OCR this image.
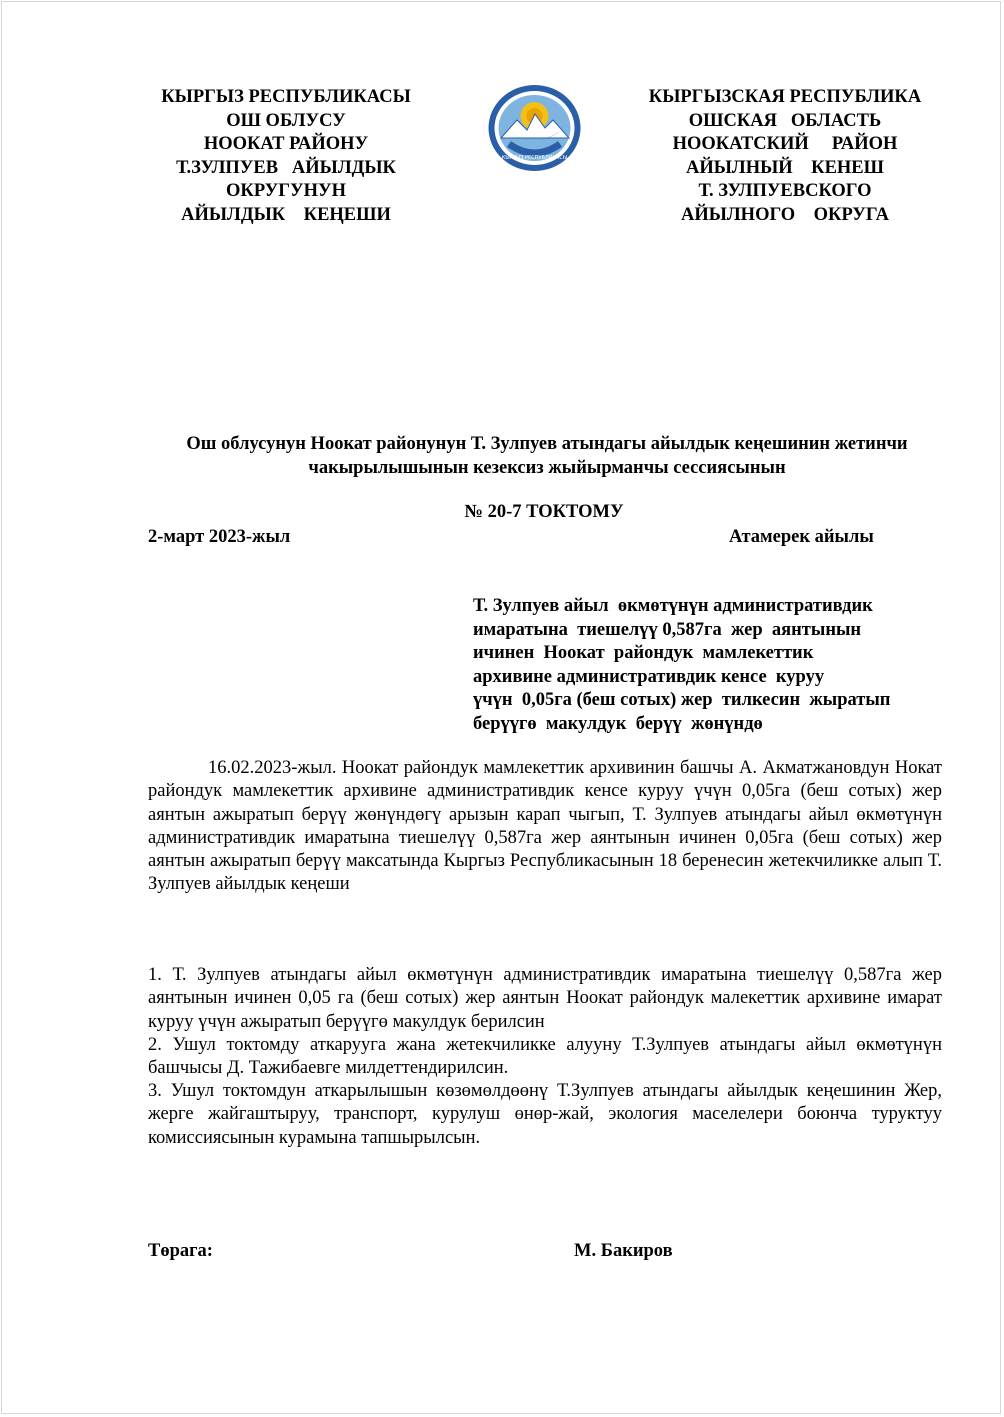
КЫРГЫЗ РЕСПУБЛИКАСЫ
ОШ ОБЛУСУ
НООКАТ РАЙОНУ
Т.ЗУЛПУЕВ   АЙЫЛДЫК
ОКРУГУНУН
АЙЫЛДЫК    КЕҢЕШИ
КЫРГЫЗ РЕСПУБЛИКАСЫ
КЫРГЫЗСКАЯ РЕСПУБЛИКА
ОШСКАЯ   ОБЛАСТЬ
НООКАТСКИЙ     РАЙОН
АЙЫЛНЫЙ    КЕНЕШ
Т. ЗУЛПУЕВСКОГО
АЙЫЛНОГО    ОКРУГА
Ош облусунун Ноокат районунун Т. Зулпуев атындагы айылдык кеңешинин жетинчи
чакырылышынын кезексиз жыйырманчы сессиясынын
№ 20-7 ТОКТОМУ
2-март 2023-жыл	Атамерек айылы
Т. Зулпуев айыл  өкмөтүнүн административдик
имаратына  тиешелүү 0,587га  жер  аянтынын
ичинен  Ноокат  райондук  мамлекеттик
архивине административдик кенсе  куруу
үчүн  0,05га (беш сотых) жер  тилкесин  жыратып
берүүгө  макулдук  берүү  жөнүндө
16.02.2023-жыл. Ноокат райондук мамлекеттик архивинин башчы А. Акматжановдун Нокат райондук мамлекеттик архивине административдик кенсе куруу үчүн 0,05га (беш сотых) жер аянтын ажыратып берүү жөнүндөгү арызын карап чыгып, Т. Зулпуев атындагы айыл өкмөтүнүн административдик имаратына тиешелүү 0,587га жер аянтынын ичинен 0,05га (беш сотых) жер аянтын ажыратып берүү максатында Кыргыз Республикасынын 18 беренесин жетекчиликке алып Т. Зулпуев айылдык кеңеши
1. Т. Зулпуев атындагы айыл өкмөтүнүн административдик имаратына тиешелүү 0,587га жер аянтынын ичинен 0,05 га (беш сотых) жер аянтын Ноокат райондук малекеттик архивине имарат куруу үчүн ажыратып берүүгө макулдук берилсин
2. Ушул токтомду аткарууга жана жетекчиликке алууну Т.Зулпуев атындагы айыл өкмөтүнүн башчысы Д. Тажибаевге милдеттендирилсин.
3. Ушул токтомдун аткарылышын көзөмөлдөөнү Т.Зулпуев атындагы айылдык кеңешинин Жер, жерге жайгаштыруу, транспорт, курулуш өнөр-жай, экология маселелери боюнча туруктуу комиссиясынын курамына тапшырылсын.
Төрага:	М. Бакиров
